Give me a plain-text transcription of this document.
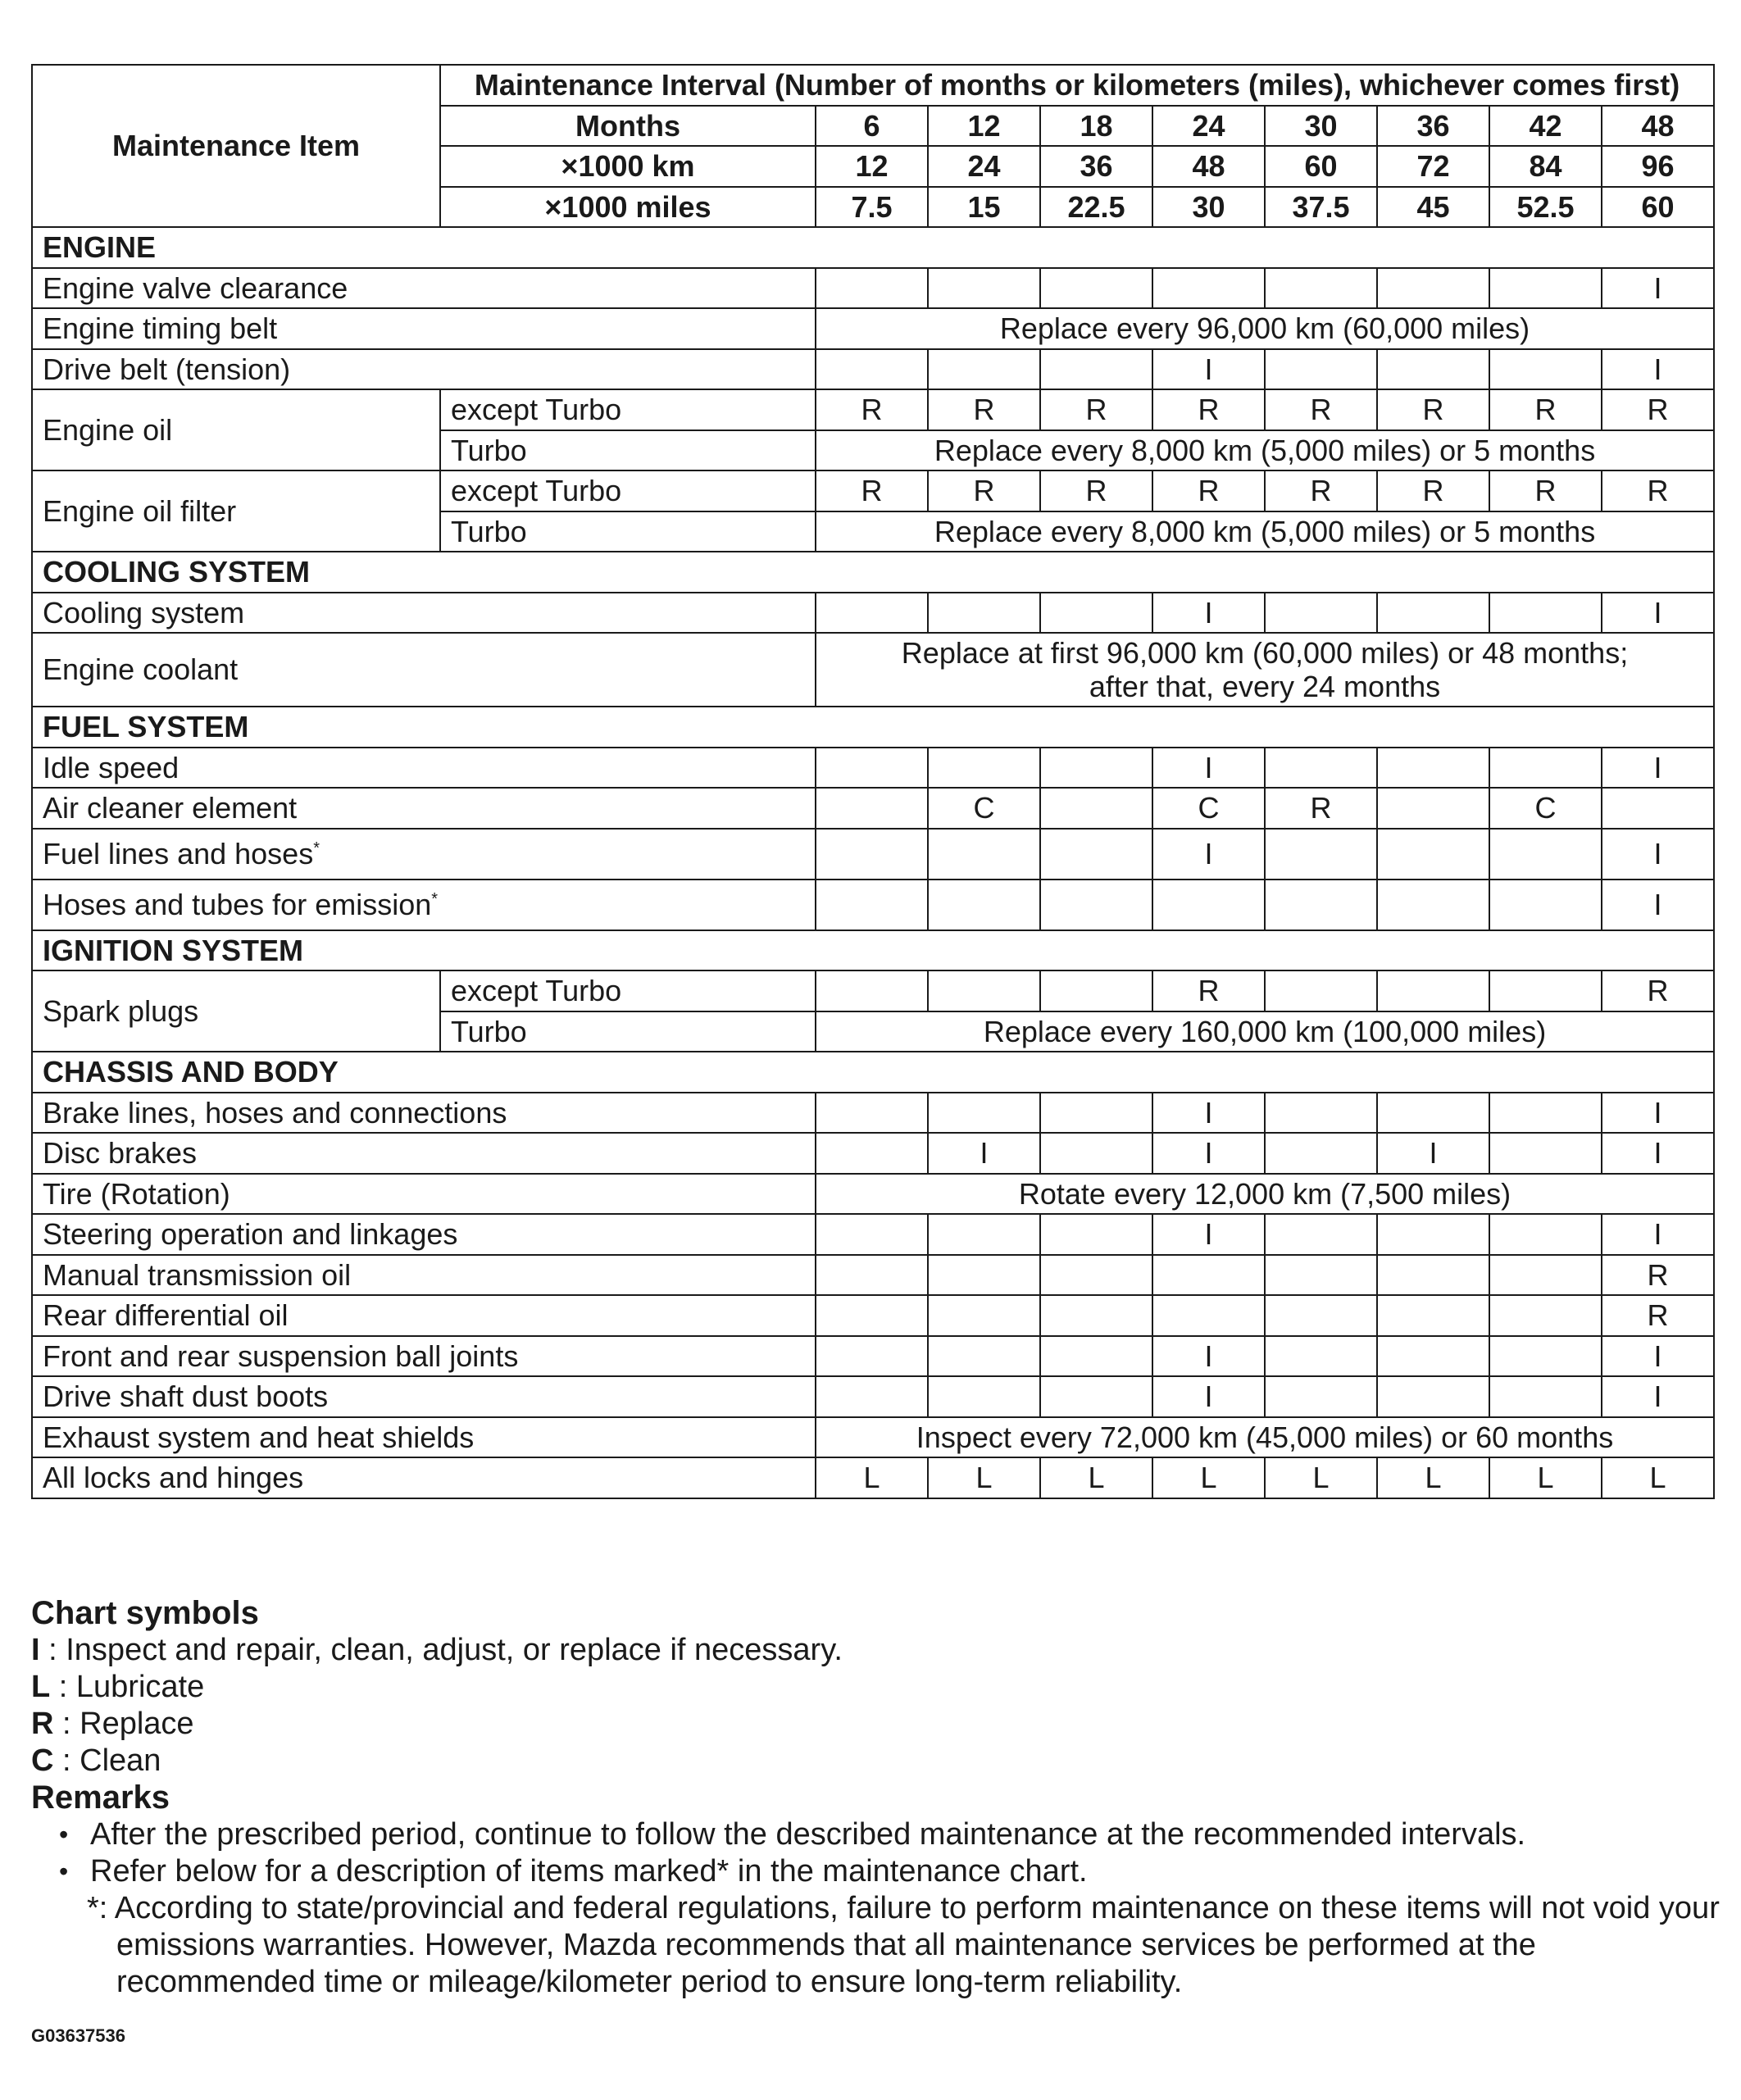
Maintenance Item	Maintenance Interval (Number of months or kilometers (miles), whichever comes first)								
	Months	6	12	18	24	30	36	42	48
	×1000 km	12	24	36	48	60	72	84	96
	×1000 miles	7.5	15	22.5	30	37.5	45	52.5	60
ENGINE									
Engine valve clearance									I
Engine timing belt		Replace every 96,000 km (60,000 miles)							
Drive belt (tension)					I				I
Engine oil	except Turbo	R	R	R	R	R	R	R	R
	Turbo	Replace every 8,000 km (5,000 miles) or 5 months							
Engine oil filter	except Turbo	R	R	R	R	R	R	R	R
	Turbo	Replace every 8,000 km (5,000 miles) or 5 months							
COOLING SYSTEM									
Cooling system					I				I
Engine coolant		Replace at first 96,000 km (60,000 miles) or 48 months;
after that, every 24 months							

FUEL SYSTEM									
Idle speed					I				I
Air cleaner element			C		C	R		C	
Fuel lines and hoses*					I				I
Hoses and tubes for emission*									I
IGNITION SYSTEM									
Spark plugs	except Turbo				R				R
	Turbo	Replace every 160,000 km (100,000 miles)							
CHASSIS AND BODY									
Brake lines, hoses and connections					I				I
Disc brakes			I		I		I		I
Tire (Rotation)		Rotate every 12,000 km (7,500 miles)							
Steering operation and linkages					I				I
Manual transmission oil									R
Rear differential oil									R
Front and rear suspension ball joints					I				I
Drive shaft dust boots					I				I
Exhaust system and heat shields		Inspect every 72,000 km (45,000 miles) or 60 months							
All locks and hinges		L	L	L	L	L	L	L	L
Chart symbols
I : Inspect and repair, clean, adjust, or replace if necessary.
L : Lubricate
R : Replace
C : Clean
Remarks
• After the prescribed period, continue to follow the described maintenance at the recommended intervals.
• Refer below for a description of items marked* in the maintenance chart.
*: According to state/provincial and federal regulations, failure to perform maintenance on these items will not void your emissions warranties. However, Mazda recommends that all maintenance services be performed at the recommended time or mileage/kilometer period to ensure long-term reliability.
G03637536
